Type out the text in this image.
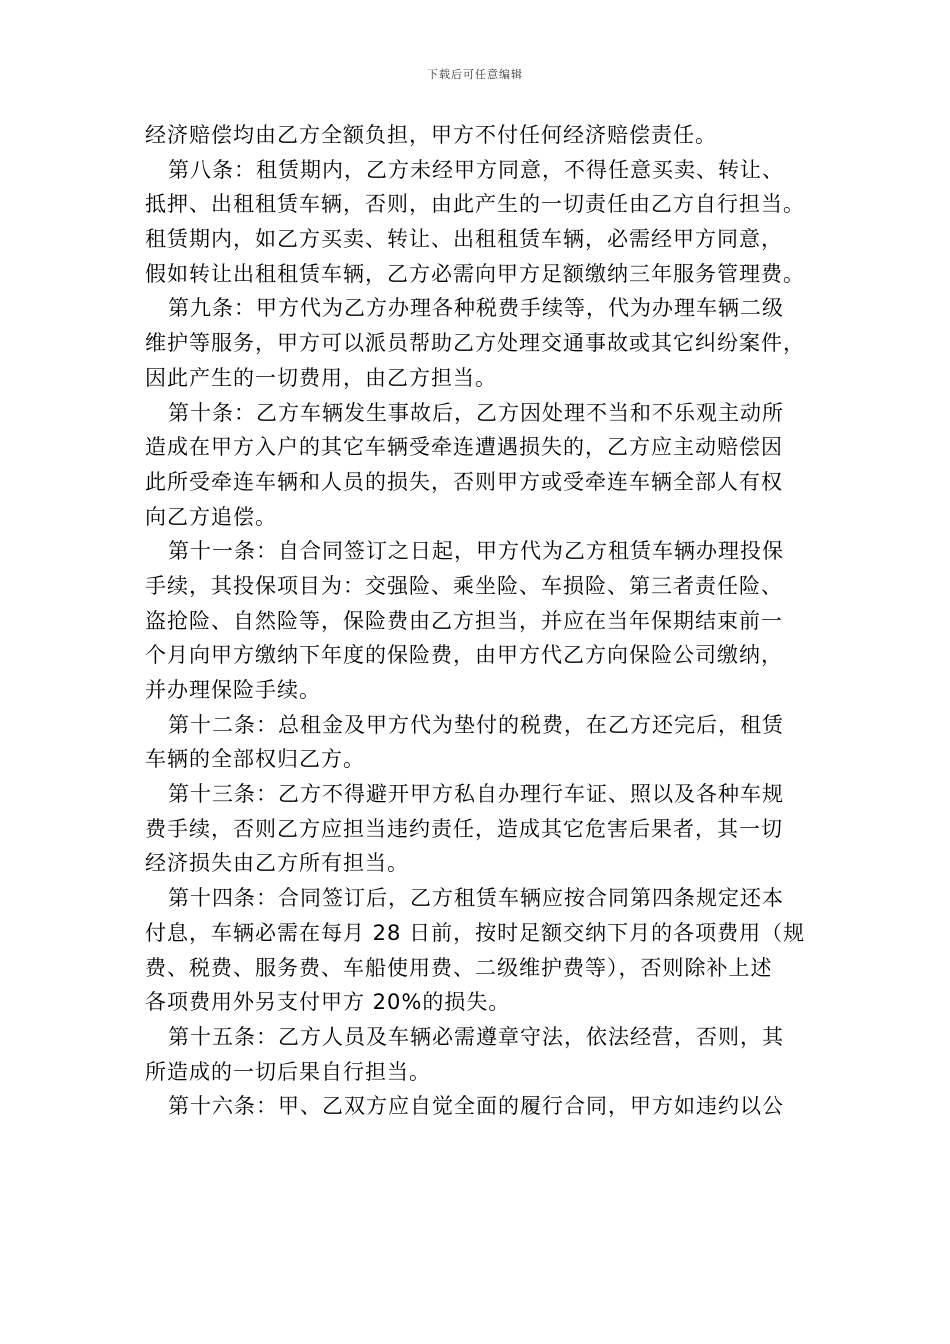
下载后可任意编辑
经济赔偿均由乙方全额负担，甲方不付任何经济赔偿责任。
第八条：租赁期内，乙方未经甲方同意，不得任意买卖、转让、
抵押、出租租赁车辆，否则，由此产生的一切责任由乙方自行担当。
租赁期内，如乙方买卖、转让、出租租赁车辆，必需经甲方同意，
假如转让出租租赁车辆，乙方必需向甲方足额缴纳三年服务管理费。
第九条：甲方代为乙方办理各种税费手续等，代为办理车辆二级
维护等服务，甲方可以派员帮助乙方处理交通事故或其它纠纷案件，
因此产生的一切费用，由乙方担当。
第十条：乙方车辆发生事故后，乙方因处理不当和不乐观主动所
造成在甲方入户的其它车辆受牵连遭遇损失的，乙方应主动赔偿因
此所受牵连车辆和人员的损失，否则甲方或受牵连车辆全部人有权
向乙方追偿。
第十一条：自合同签订之日起，甲方代为乙方租赁车辆办理投保
手续，其投保项目为：交强险、乘坐险、车损险、第三者责任险、
盗抢险、自然险等，保险费由乙方担当，并应在当年保期结束前一
个月向甲方缴纳下年度的保险费，由甲方代乙方向保险公司缴纳，
并办理保险手续。
第十二条：总租金及甲方代为垫付的税费，在乙方还完后，租赁
车辆的全部权归乙方。
第十三条：乙方不得避开甲方私自办理行车证、照以及各种车规
费手续，否则乙方应担当违约责任，造成其它危害后果者，其一切
经济损失由乙方所有担当。
第十四条：合同签订后，乙方租赁车辆应按合同第四条规定还本
付息，车辆必需在每月 28 日前，按时足额交纳下月的各项费用（规
费、税费、服务费、车船使用费、二级维护费等），否则除补上述
各项费用外另支付甲方 20%的损失。
第十五条：乙方人员及车辆必需遵章守法，依法经营，否则，其
所造成的一切后果自行担当。
第十六条：甲、乙双方应自觉全面的履行合同，甲方如违约以公
